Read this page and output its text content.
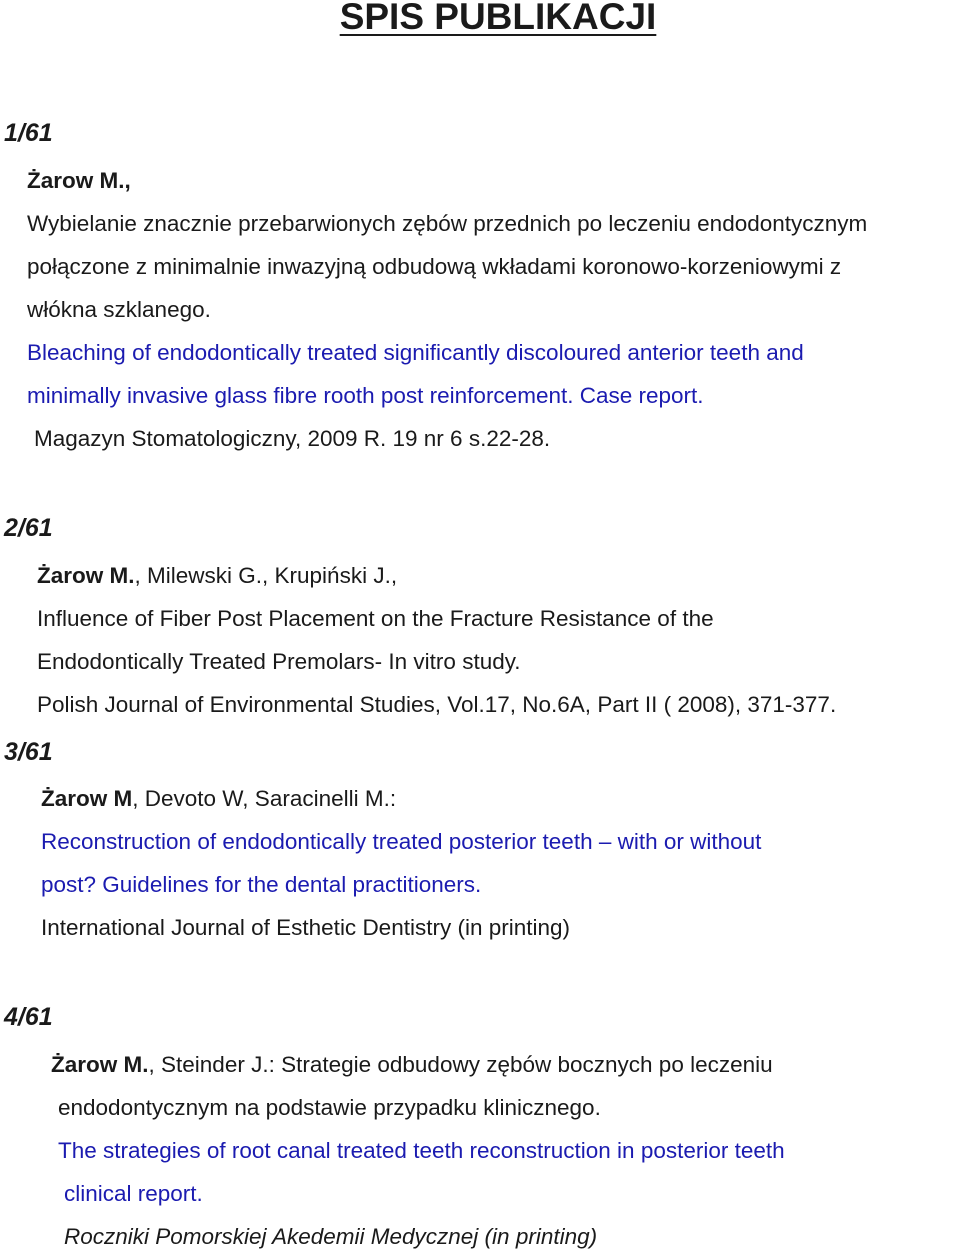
SPIS PUBLIKACJI
1/61
Żarow M.,
Wybielanie znacznie przebarwionych zębów przednich po leczeniu endodontycznym
połączone z minimalnie inwazyjną odbudową wkładami koronowo-korzeniowymi z
włókna szklanego.
Bleaching of endodontically treated significantly discoloured anterior teeth and
minimally invasive glass fibre rooth post reinforcement. Case report.
Magazyn Stomatologiczny, 2009 R. 19 nr 6 s.22-28.
2/61
Żarow M., Milewski G., Krupiński J.,
Influence of Fiber Post Placement on the Fracture Resistance of the
Endodontically Treated Premolars- In vitro study.
Polish Journal of Environmental Studies, Vol.17, No.6A, Part II ( 2008), 371-377.
3/61
Żarow M, Devoto W, Saracinelli M.:
Reconstruction of endodontically treated posterior teeth – with or without
post? Guidelines for the dental practitioners.
International Journal of Esthetic Dentistry (in printing)
4/61
Żarow M., Steinder J.: Strategie odbudowy zębów bocznych po leczeniu
endodontycznym na podstawie przypadku klinicznego.
The strategies of root canal treated teeth reconstruction in posterior teeth
clinical report.
Roczniki Pomorskiej Akedemii Medycznej (in printing)
